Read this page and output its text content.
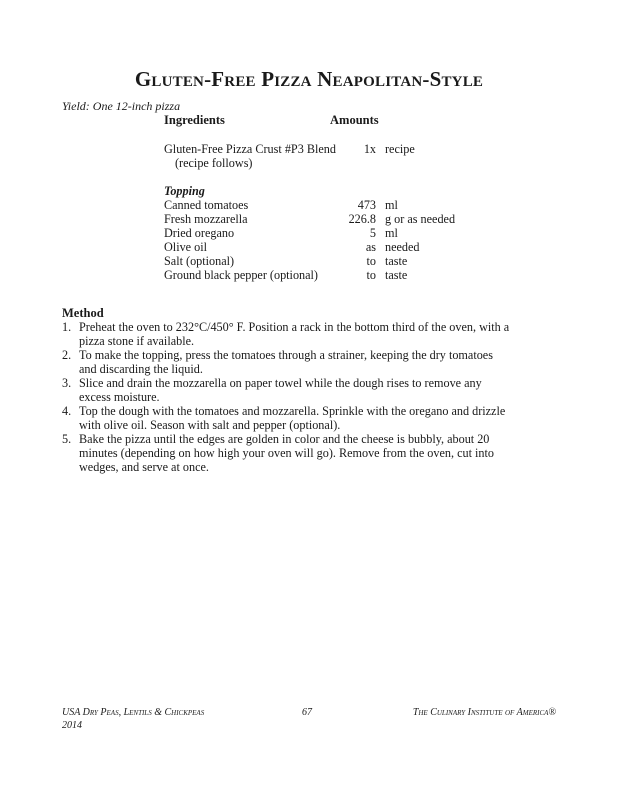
Gluten-Free Pizza Neapolitan-Style
Yield: One 12-inch pizza
Ingredients	Amounts
Gluten-Free Pizza Crust #P3 Blend	1x recipe
(recipe follows)
Topping
Canned tomatoes	473 ml
Fresh mozzarella	226.8 g or as needed
Dried oregano	5 ml
Olive oil	as needed
Salt (optional)	to taste
Ground black pepper (optional)	to taste
Method
1. Preheat the oven to 232°C/450° F. Position a rack in the bottom third of the oven, with a
pizza stone if available.
2. To make the topping, press the tomatoes through a strainer, keeping the dry tomatoes
and discarding the liquid.
3. Slice and drain the mozzarella on paper towel while the dough rises to remove any
excess moisture.
4. Top the dough with the tomatoes and mozzarella. Sprinkle with the oregano and drizzle
with olive oil. Season with salt and pepper (optional).
5. Bake the pizza until the edges are golden in color and the cheese is bubbly, about 20
minutes (depending on how high your oven will go). Remove from the oven, cut into
wedges, and serve at once.
USA Dry Peas, Lentils & Chickpeas
2014
67	The Culinary Institute of America®
